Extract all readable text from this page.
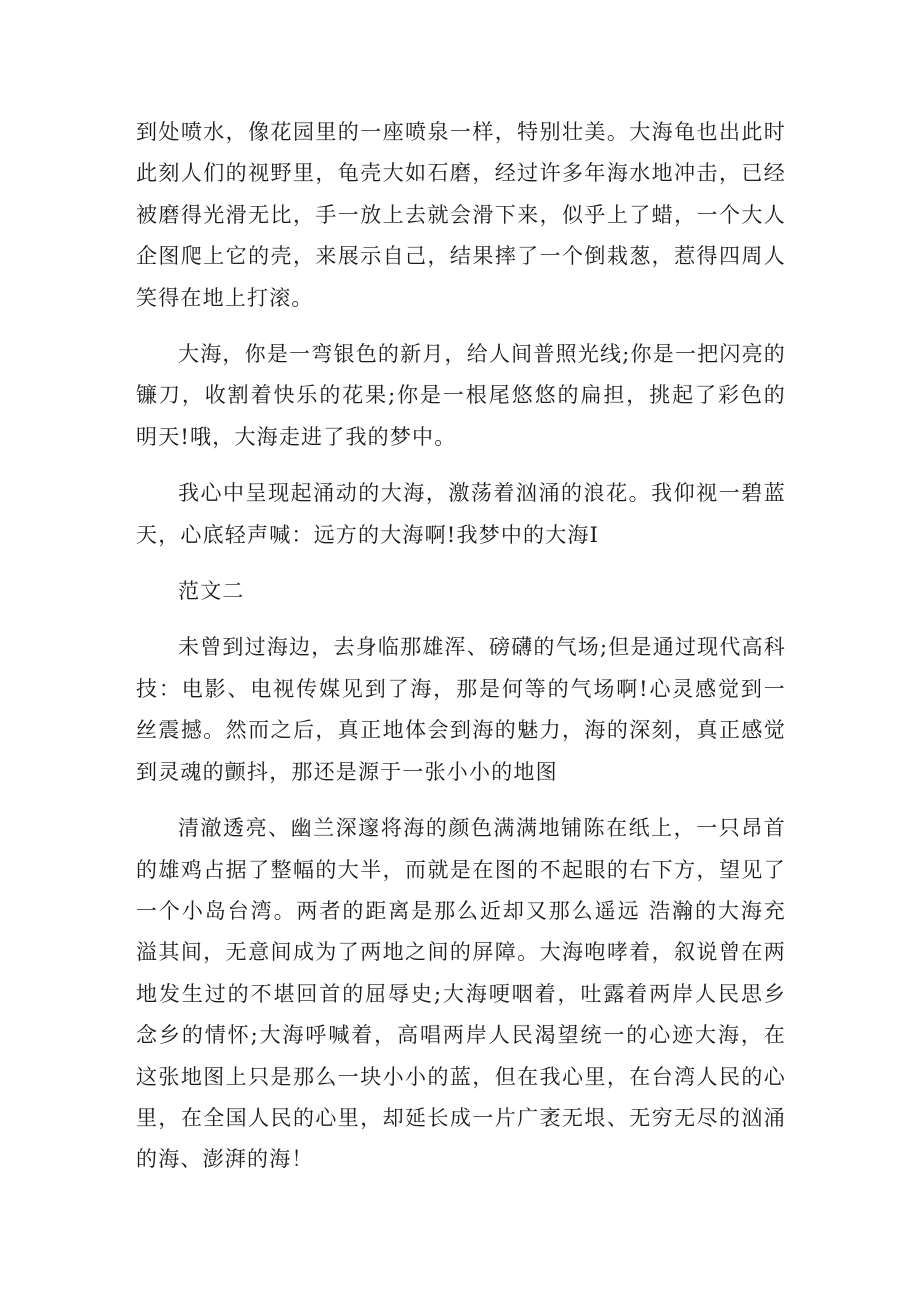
到处喷水，像花园里的一座喷泉一样，特别壮美。大海龟也出此时此刻人们的视野里，龟壳大如石磨，经过许多年海水地冲击，已经被磨得光滑无比，手一放上去就会滑下来，似乎上了蜡，一个大人企图爬上它的壳，来展示自己，结果摔了一个倒栽葱，惹得四周人笑得在地上打滚。

大海，你是一弯银色的新月，给人间普照光线;你是一把闪亮的镰刀，收割着快乐的花果;你是一根尾悠悠的扁担，挑起了彩色的明天!哦，大海走进了我的梦中。

我心中呈现起涌动的大海，激荡着汹涌的浪花。我仰视一碧蓝天，心底轻声喊：远方的大海啊!我梦中的大海I

范文二

未曾到过海边，去身临那雄浑、磅礴的气场;但是通过现代高科技：电影、电视传媒见到了海，那是何等的气场啊!心灵感觉到一丝震撼。然而之后，真正地体会到海的魅力，海的深刻，真正感觉到灵魂的颤抖，那还是源于一张小小的地图

清澈透亮、幽兰深邃将海的颜色满满地铺陈在纸上，一只昂首的雄鸡占据了整幅的大半，而就是在图的不起眼的右下方，望见了一个小岛台湾。两者的距离是那么近却又那么遥远 浩瀚的大海充溢其间，无意间成为了两地之间的屏障。大海咆哮着，叙说曾在两地发生过的不堪回首的屈辱史;大海哽咽着，吐露着两岸人民思乡念乡的情怀;大海呼喊着，高唱两岸人民渴望统一的心迹大海，在这张地图上只是那么一块小小的蓝，但在我心里，在台湾人民的心里，在全国人民的心里，却延长成一片广袤无垠、无穷无尽的汹涌的海、澎湃的海！
